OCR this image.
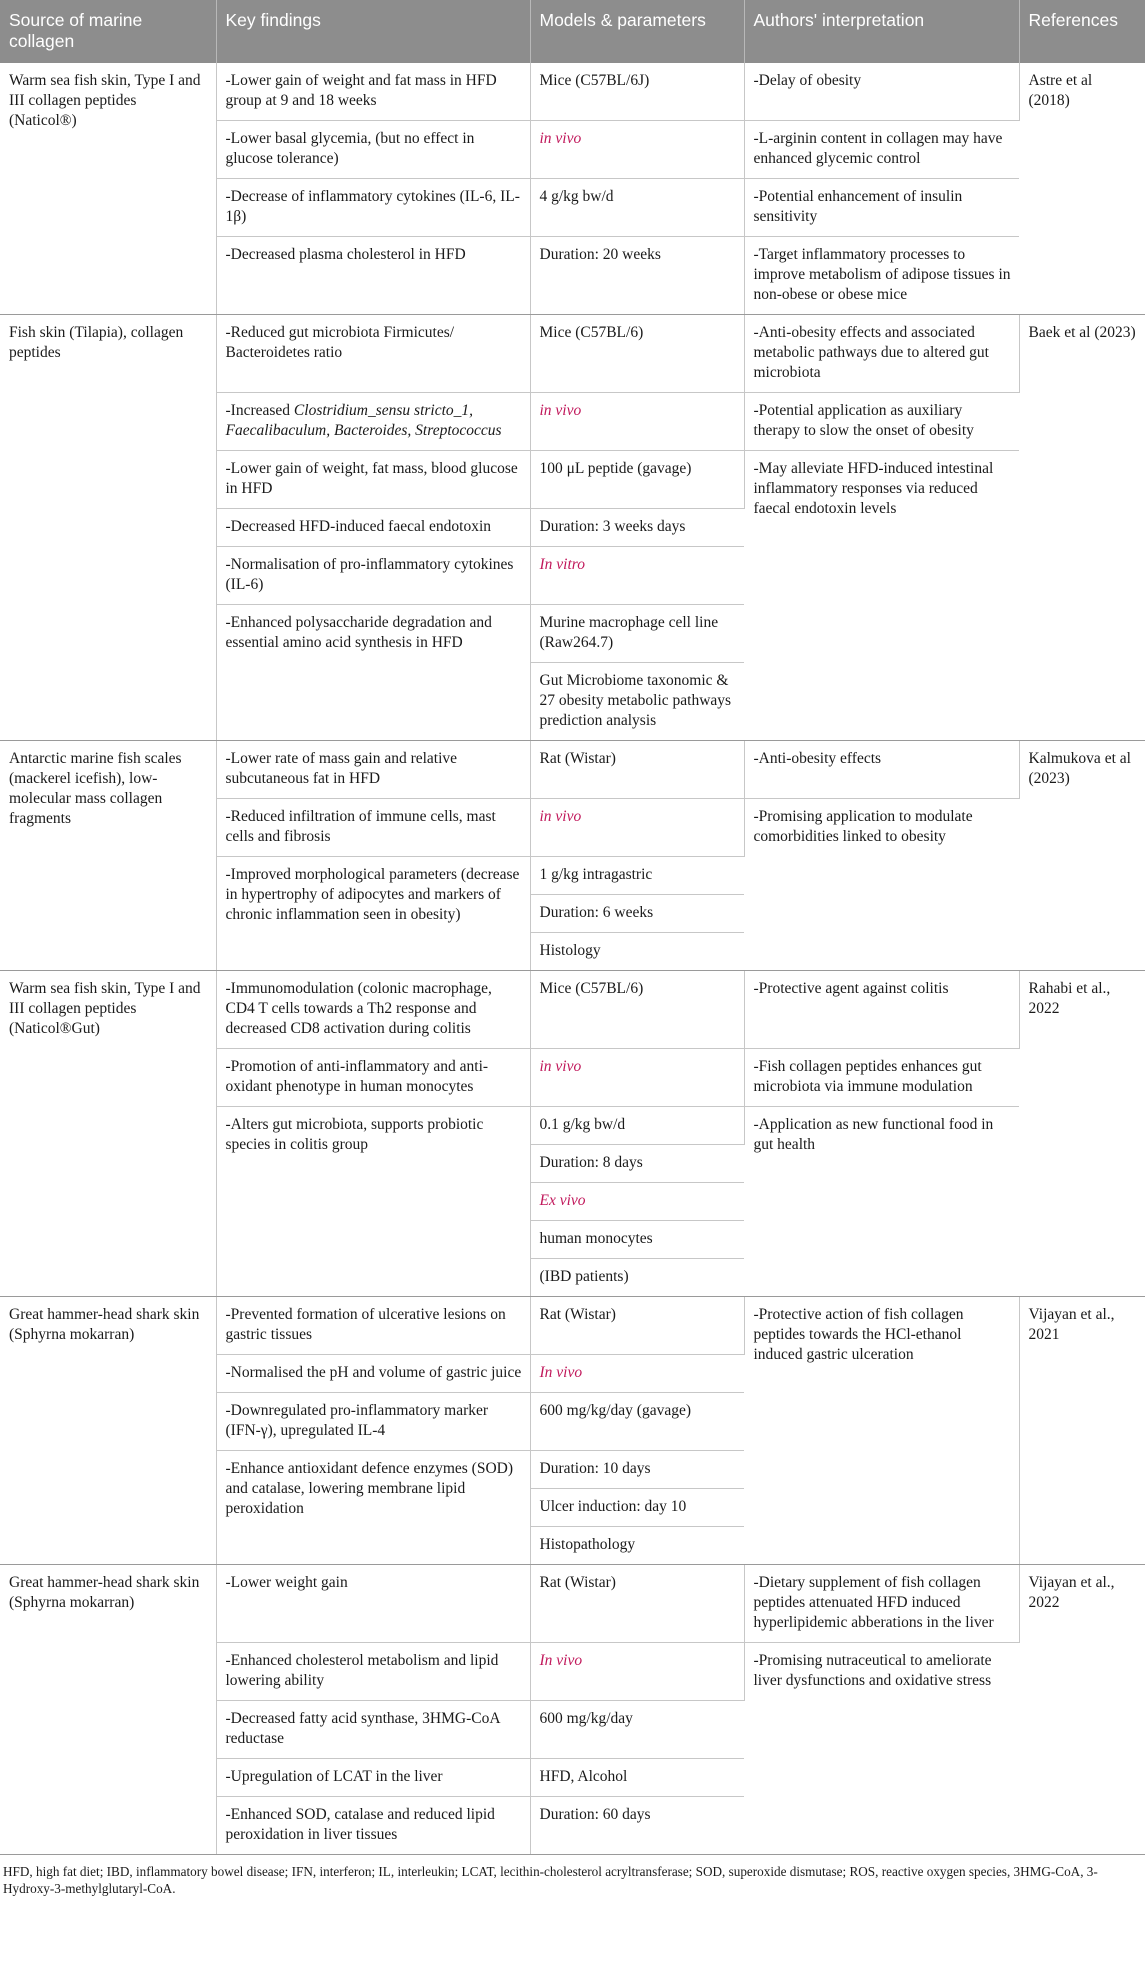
Source of marine collagen	Key findings	Models & parameters	Authors' interpretation	References
Warm sea fish skin, Type I and III collagen peptides (Naticol®)	-Lower gain of weight and fat mass in HFD group at 9 and 18 weeks	Mice (C57BL/6J)	-Delay of obesity	Astre et al (2018)
	-Lower basal glycemia, (but no effect in glucose tolerance)	in vivo	-L-arginin content in collagen may have enhanced glycemic control	
	-Decrease of inflammatory cytokines (IL-6, IL-1β)	4 g/kg bw/d	-Potential enhancement of insulin sensitivity	
	-Decreased plasma cholesterol in HFD	Duration: 20 weeks	-Target inflammatory processes to improve metabolism of adipose tissues in non-obese or obese mice	
Fish skin (Tilapia), collagen peptides	-Reduced gut microbiota Firmicutes/ Bacteroidetes ratio	Mice (C57BL/6)	-Anti-obesity effects and associated metabolic pathways due to altered gut microbiota	Baek et al (2023)
	-Increased Clostridium_sensu stricto_1, Faecalibaculum, Bacteroides, Streptococcus	in vivo	-Potential application as auxiliary therapy to slow the onset of obesity	
	-Lower gain of weight, fat mass, blood glucose in HFD	100 μL peptide (gavage)	-May alleviate HFD-induced intestinal inflammatory responses via reduced faecal endotoxin levels	
	-Decreased HFD-induced faecal endotoxin	Duration: 3 weeks days		
	-Normalisation of pro-inflammatory cytokines (IL-6)	In vitro		
	-Enhanced polysaccharide degradation and essential amino acid synthesis in HFD	Murine macrophage cell line (Raw264.7)		
		Gut Microbiome taxonomic & 27 obesity metabolic pathways prediction analysis		
Antarctic marine fish scales (mackerel icefish), low-molecular mass collagen fragments	-Lower rate of mass gain and relative subcutaneous fat in HFD	Rat (Wistar)	-Anti-obesity effects	Kalmukova et al (2023)
	-Reduced infiltration of immune cells, mast cells and fibrosis	in vivo	-Promising application to modulate comorbidities linked to obesity	
	-Improved morphological parameters (decrease in hypertrophy of adipocytes and markers of chronic inflammation seen in obesity)	1 g/kg intragastric		
		Duration: 6 weeks		
		Histology		
Warm sea fish skin, Type I and III collagen peptides (Naticol®Gut)	-Immunomodulation (colonic macrophage, CD4 T cells towards a Th2 response and decreased CD8 activation during colitis	Mice (C57BL/6)	-Protective agent against colitis	Rahabi et al., 2022
	-Promotion of anti-inflammatory and anti-oxidant phenotype in human monocytes	in vivo	-Fish collagen peptides enhances gut microbiota via immune modulation	
	-Alters gut microbiota, supports probiotic species in colitis group	0.1 g/kg bw/d	-Application as new functional food in gut health	
		Duration: 8 days		
		Ex vivo		
		human monocytes		
		(IBD patients)		
Great hammer-head shark skin (Sphyrna mokarran)	-Prevented formation of ulcerative lesions on gastric tissues	Rat (Wistar)	-Protective action of fish collagen peptides towards the HCl-ethanol induced gastric ulceration	Vijayan et al., 2021
	-Normalised the pH and volume of gastric juice	In vivo		
	-Downregulated pro-inflammatory marker (IFN-γ), upregulated IL-4	600 mg/kg/day (gavage)		
	-Enhance antioxidant defence enzymes (SOD) and catalase, lowering membrane lipid peroxidation	Duration: 10 days		
		Ulcer induction: day 10		
		Histopathology		
Great hammer-head shark skin (Sphyrna mokarran)	-Lower weight gain	Rat (Wistar)	-Dietary supplement of fish collagen peptides attenuated HFD induced hyperlipidemic abberations in the liver	Vijayan et al., 2022
	-Enhanced cholesterol metabolism and lipid lowering ability	In vivo	-Promising nutraceutical to ameliorate liver dysfunctions and oxidative stress	
	-Decreased fatty acid synthase, 3HMG-CoA reductase	600 mg/kg/day		
	-Upregulation of LCAT in the liver	HFD, Alcohol		
	-Enhanced SOD, catalase and reduced lipid peroxidation in liver tissues	Duration: 60 days		
HFD, high fat diet; IBD, inflammatory bowel disease; IFN, interferon; IL, interleukin; LCAT, lecithin-cholesterol acryltransferase; SOD, superoxide dismutase; ROS, reactive oxygen species, 3HMG-CoA, 3-Hydroxy-3-methylglutaryl-CoA.
